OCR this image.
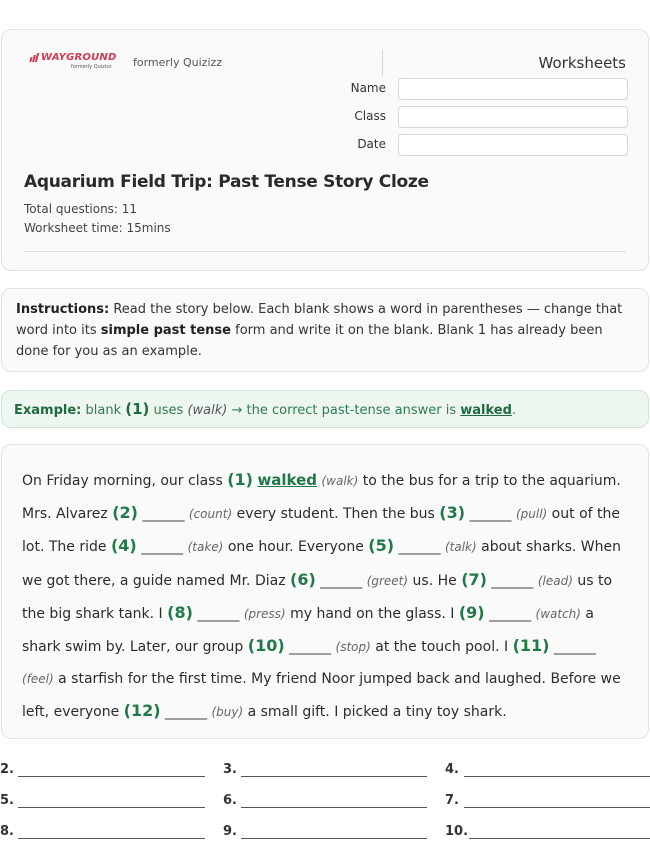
WAYGROUND
formerly Quizizz	formerly Quizizz	Worksheets
Name
Class
Date
Aquarium Field Trip: Past Tense Story Cloze
Total questions: 11
Worksheet time: 15mins
Instructions: Read the story below. Each blank shows a word in parentheses — change that word into its simple past tense form and write it on the blank. Blank 1 has already been done for you as an example.
Example: blank (1) uses (walk) → the correct past-tense answer is walked.
On Friday morning, our class (1) walked (walk) to the bus for a trip to the aquarium. Mrs. Alvarez (2) ______ (count) every student. Then the bus (3) ______ (pull) out of the lot. The ride (4) ______ (take) one hour. Everyone (5) ______ (talk) about sharks. When we got there, a guide named Mr. Diaz (6) ______ (greet) us. He (7) ______ (lead) us to the big shark tank. I (8) ______ (press) my hand on the glass. I (9) ______ (watch) a shark swim by. Later, our group (10) ______ (stop) at the touch pool. I (11) ______ (feel) a starfish for the first time. My friend Noor jumped back and laughed. Before we left, everyone (12) ______ (buy) a small gift. I picked a tiny toy shark.
2.	3.	4.
5.	6.	7.
8.	9.	10.
